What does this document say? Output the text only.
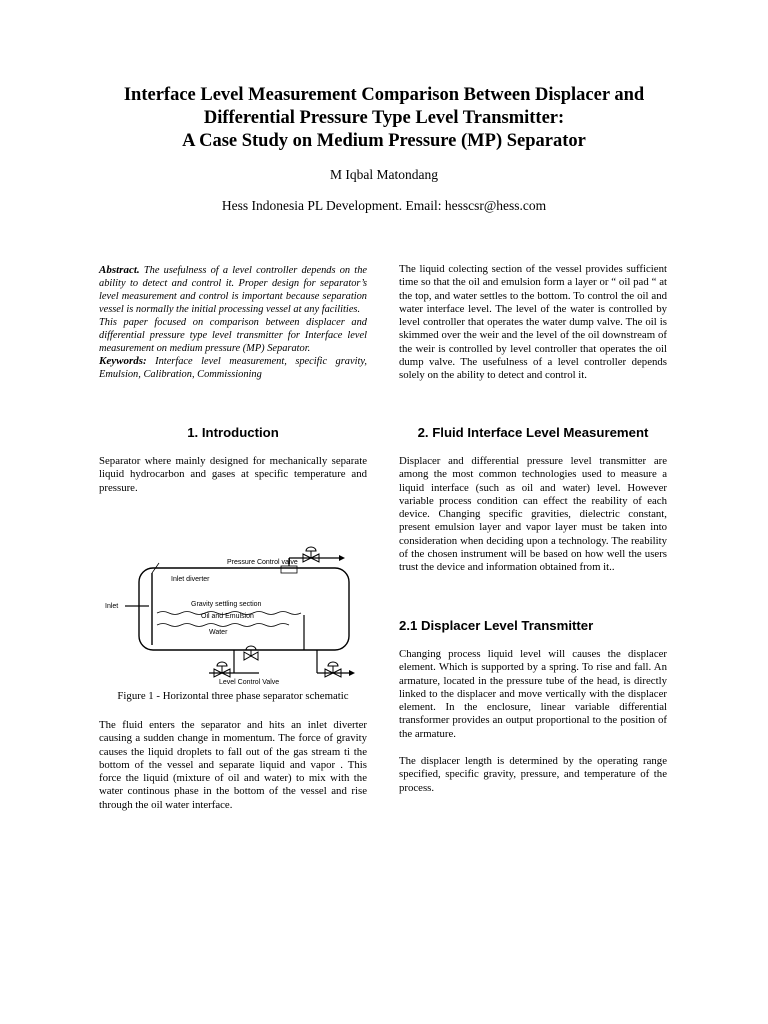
Interface Level Measurement Comparison Between Displacer and
Differential Pressure Type Level Transmitter:
A Case Study on Medium Pressure (MP) Separator
M Iqbal Matondang
Hess Indonesia PL Development. Email: hesscsr@hess.com

Abstract. The usefulness of a level controller depends on the ability to detect and control it. Proper design for separator’s level measurement and control is important because separation vessel is normally the initial processing vessel at any facilities.

This paper focused on comparison between displacer and differential pressure type level transmitter for Interface level measurement on medium pressure (MP) Separator.

Keywords: Interface level measurement, specific gravity, Emulsion, Calibration, Commissioning

1. Introduction

Separator where mainly designed for mechanically separate liquid hydrocarbon and gases at specific temperature and pressure.

Pressure Control valve
Inlet diverter
Inlet	Gravity settling section
Oil and Emulsion
Water
Level Control Valve
Figure 1 - Horizontal three phase separator schematic

The fluid enters the separator and hits an inlet diverter causing a sudden change in momentum. The force of gravity causes the liquid droplets to fall out of the gas stream ti the bottom of the vessel and separate liquid and vapor . This force the liquid (mixture of oil and water) to mix with the water continous phase in the bottom of the vessel and rise through the oil water interface.

The liquid colecting section of the vessel provides sufficient time so that the oil and emulsion form a layer or “ oil pad “ at the top, and water settles to the bottom. To control the oil and water interface level. The level of the water is controlled by level controller that operates the water dump valve. The oil is skimmed over the weir and the level of the oil downstream of the weir is controlled by level controller that operates the oil dump valve. The usefulness of a level controller depends solely on the ability to detect and control it.

2. Fluid Interface Level Measurement

Displacer and differential pressure level transmitter are among the most common technologies used to measure a liquid interface (such as oil and water) level. However variable process condition can effect the reability of each device. Changing specific gravities, dielectric constant, present emulsion layer and vapor layer must be taken into consideration when deciding upon a technology. The reability of the chosen instrument will be based on how well the users trust the device and information obtained from it..

2.1 Displacer Level Transmitter

Changing process liquid level will causes the displacer element. Which is supported by a spring. To rise and fall. An armature, located in the pressure tube of the head, is directly linked to the displacer and move vertically with the displacer element. In the enclosure, linear variable differential transformer provides an output proportional to the position of the armature.

The displacer length is determined by the operating range specified, specific gravity, pressure, and temperature of the process.
